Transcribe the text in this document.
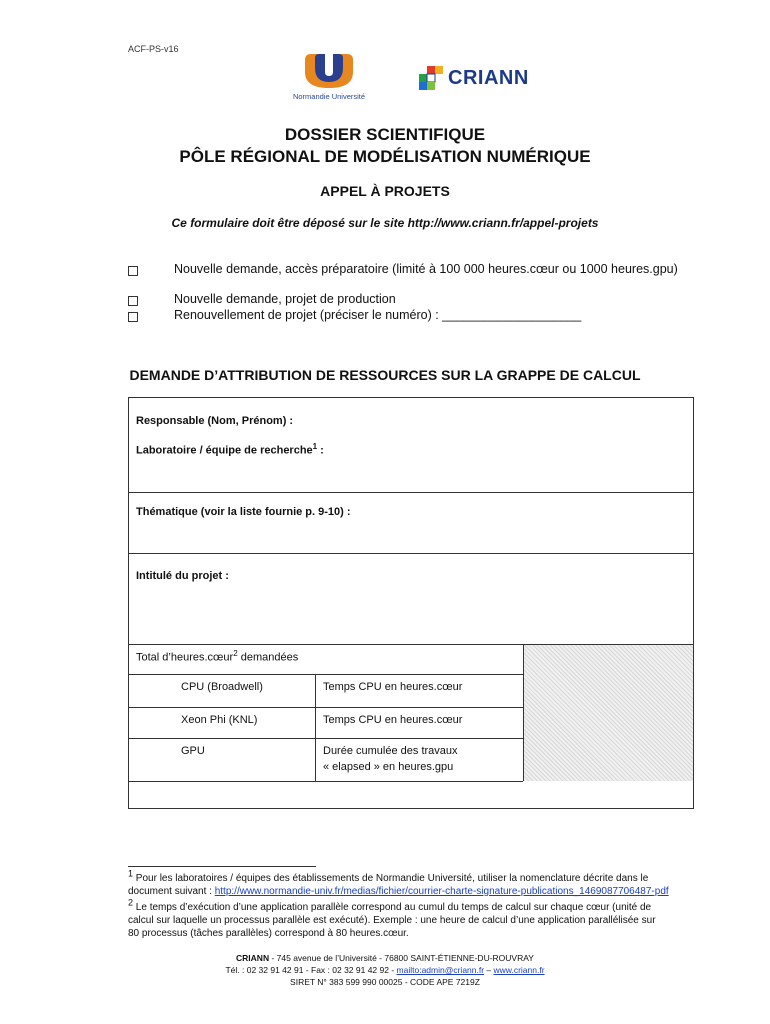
ACF-PS-v16
Normandie Université
CRIANN
DOSSIER SCIENTIFIQUE
PÔLE RÉGIONAL DE MODÉLISATION NUMÉRIQUE
APPEL À PROJETS
Ce formulaire doit être déposé sur le site http://www.criann.fr/appel-projets
Nouvelle demande, accès préparatoire (limité à 100 000 heures.cœur ou 1000 heures.gpu)
Nouvelle demande, projet de production
Renouvellement de projet (préciser le numéro) : ____________________
DEMANDE D’ATTRIBUTION DE RESSOURCES SUR LA GRAPPE DE CALCUL
Responsable (Nom, Prénom) :
Laboratoire / équipe de recherche$^1$ :
Thématique (voir la liste fournie p. 9-10) :
Intitulé du projet :
Total d’heures.cœur$^2$ demandées
CPU (Broadwell)	Temps CPU en heures.cœur
Xeon Phi (KNL)	Temps CPU en heures.cœur
GPU	Durée cumulée des travaux
« elapsed » en heures.gpu
$^1$ Pour les laboratoires / équipes des établissements de Normandie Université, utiliser la nomenclature décrite dans le
document suivant : http://www.normandie-univ.fr/medias/fichier/courrier-charte-signature-publications_1469087706487-pdf
$^2$ Le temps d’exécution d’une application parallèle correspond au cumul du temps de calcul sur chaque cœur (unité de
calcul sur laquelle un processus parallèle est exécuté). Exemple : une heure de calcul d’une application parallélisée sur
80 processus (tâches parallèles) correspond à 80 heures.cœur.
CRIANN - 745 avenue de l’Université - 76800 SAINT-ÉTIENNE-DU-ROUVRAY
Tél. : 02 32 91 42 91 - Fax : 02 32 91 42 92 - mailto:admin@criann.fr – www.criann.fr
SIRET N° 383 599 990 00025 - CODE APE 7219Z
